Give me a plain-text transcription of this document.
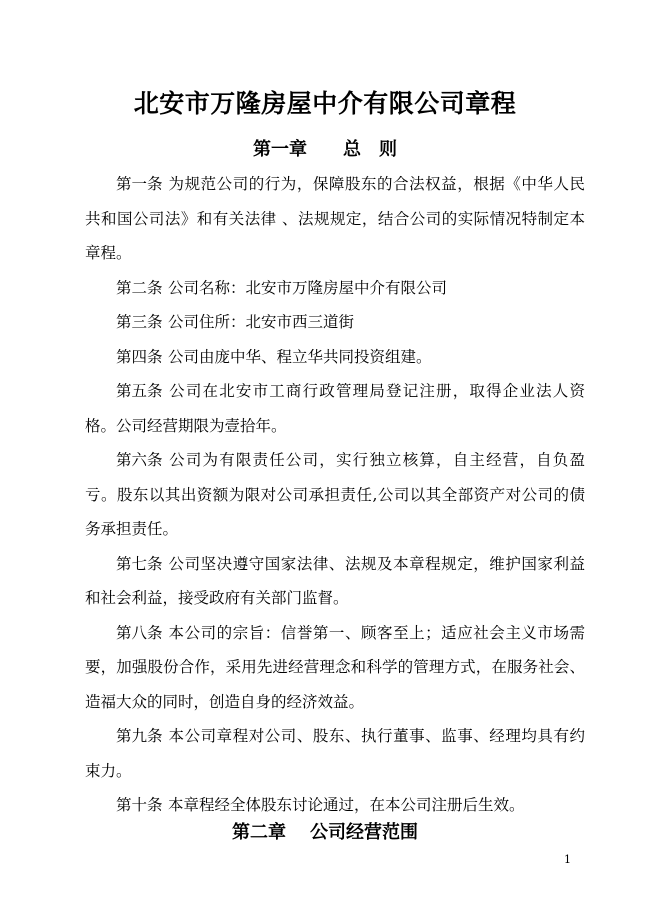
北安市万隆房屋中介有限公司章程
第一章 总　则

第一条 为规范公司的行为，保障股东的合法权益，根据《中华人民共和国公司法》和有关法律 、法规规定，结合公司的实际情况特制定本章程。

第二条 公司名称：北安市万隆房屋中介有限公司

第三条 公司住所：北安市西三道街

第四条 公司由庞中华、程立华共同投资组建。

第五条 公司在北安市工商行政管理局登记注册，取得企业法人资格。公司经营期限为壹拾年。

第六条 公司为有限责任公司，实行独立核算，自主经营，自负盈亏。股东以其出资额为限对公司承担责任,公司以其全部资产对公司的债务承担责任。

第七条 公司坚决遵守国家法律、法规及本章程规定，维护国家利益和社会利益，接受政府有关部门监督。

第八条 本公司的宗旨：信誉第一、顾客至上；适应社会主义市场需要，加强股份合作，采用先进经营理念和科学的管理方式，在服务社会、造福大众的同时，创造自身的经济效益。

第九条 本公司章程对公司、股东、执行董事、监事、经理均具有约束力。

第十条 本章程经全体股东讨论通过，在本公司注册后生效。

第二章 公司经营范围
1
